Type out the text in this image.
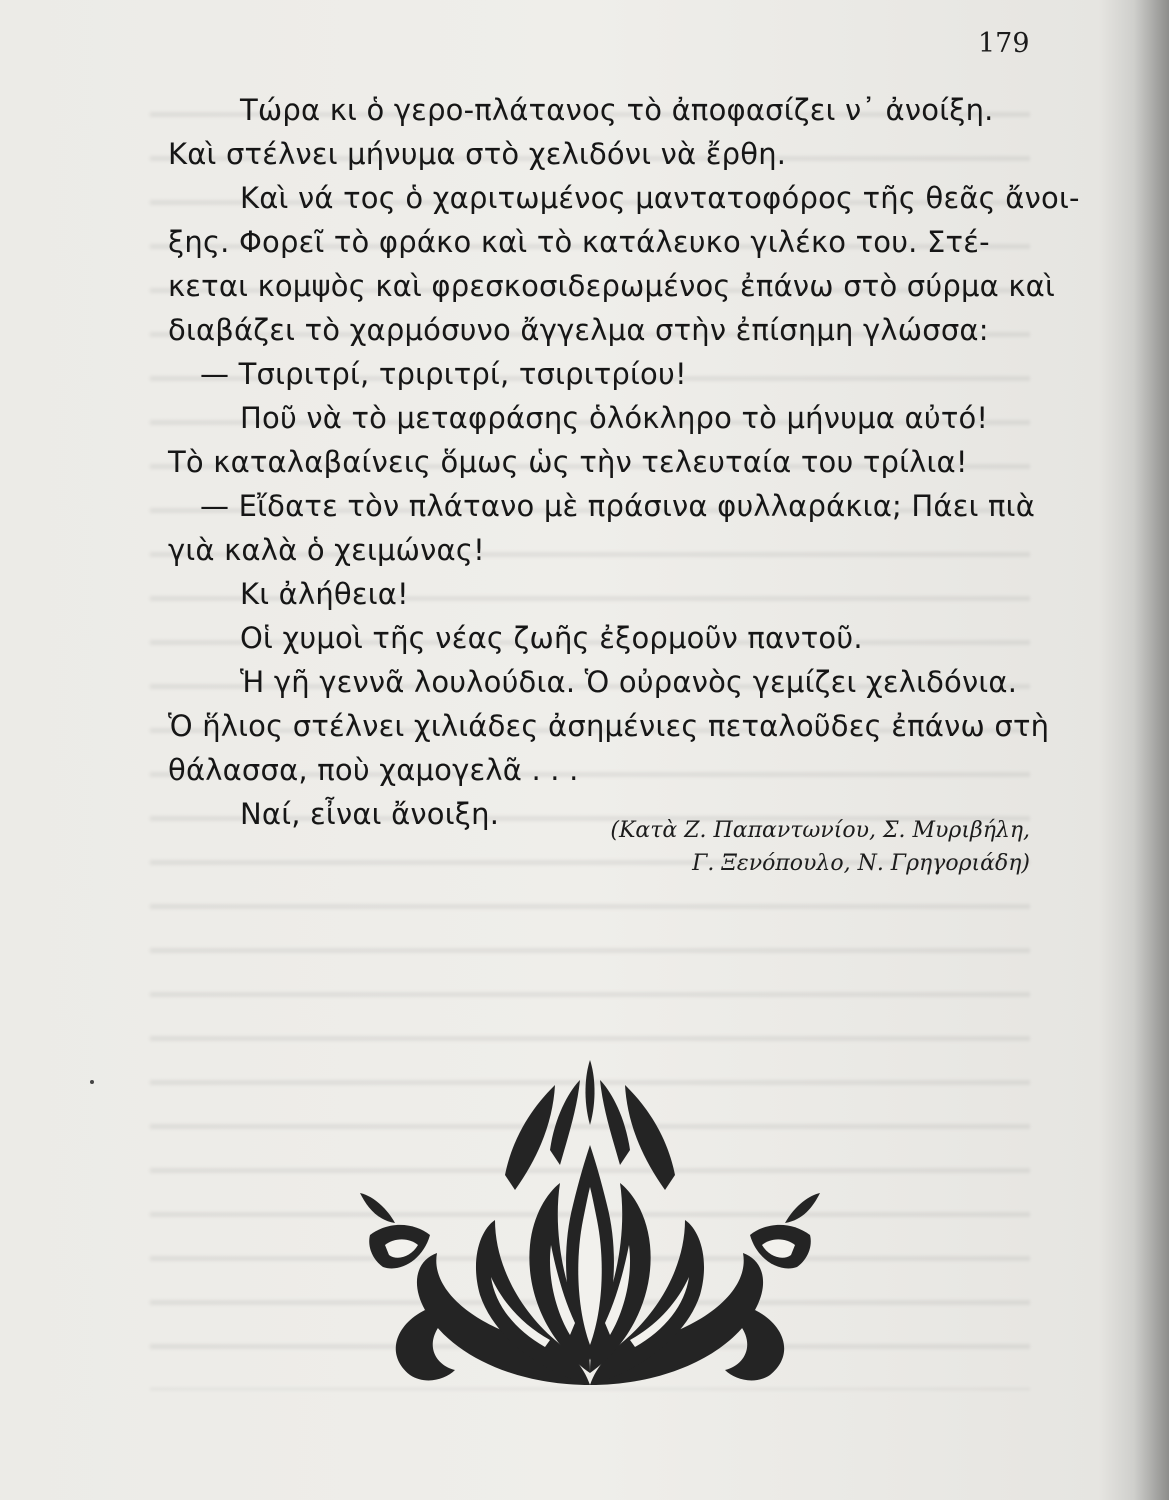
179
Τώρα κι ὁ γερο-πλάτανος τὸ ἀποφασίζει ν᾿ ἀνοίξη.
Καὶ στέλνει μήνυμα στὸ χελιδόνι νὰ ἔρθη.
Καὶ νά τος ὁ χαριτωμένος μαντατοφόρος τῆς θεᾶς ἄνοι-
ξης. Φορεῖ τὸ φράκο καὶ τὸ κατάλευκο γιλέκο του. Στέ-
κεται κομψὸς καὶ φρεσκοσιδερωμένος ἐπάνω στὸ σύρμα καὶ
διαβάζει τὸ χαρμόσυνο ἄγγελμα στὴν ἐπίσημη γλώσσα:
— Τσιριτρί, τριριτρί, τσιριτρίου!
Ποῦ νὰ τὸ μεταφράσης ὁλόκληρο τὸ μήνυμα αὐτό!
Τὸ καταλαβαίνεις ὅμως ὡς τὴν τελευταία του τρίλια!
— Εἴδατε τὸν πλάτανο μὲ πράσινα φυλλαράκια; Πάει πιὰ
γιὰ καλὰ ὁ χειμώνας!
Κι ἀλήθεια!
Οἱ χυμοὶ τῆς νέας ζωῆς ἐξορμοῦν παντοῦ.
Ἡ γῆ γεννᾶ λουλούδια. Ὁ οὐρανὸς γεμίζει χελιδόνια.
Ὁ ἥλιος στέλνει χιλιάδες ἀσημένιες πεταλοῦδες ἐπάνω στὴ
θάλασσα, ποὺ χαμογελᾶ . . .
Ναί, εἶναι ἄνοιξη.	(Κατὰ Ζ. Παπαντωνίου, Σ. Μυριβήλη,
Γ. Ξενόπουλο, Ν. Γρηγοριάδη)
